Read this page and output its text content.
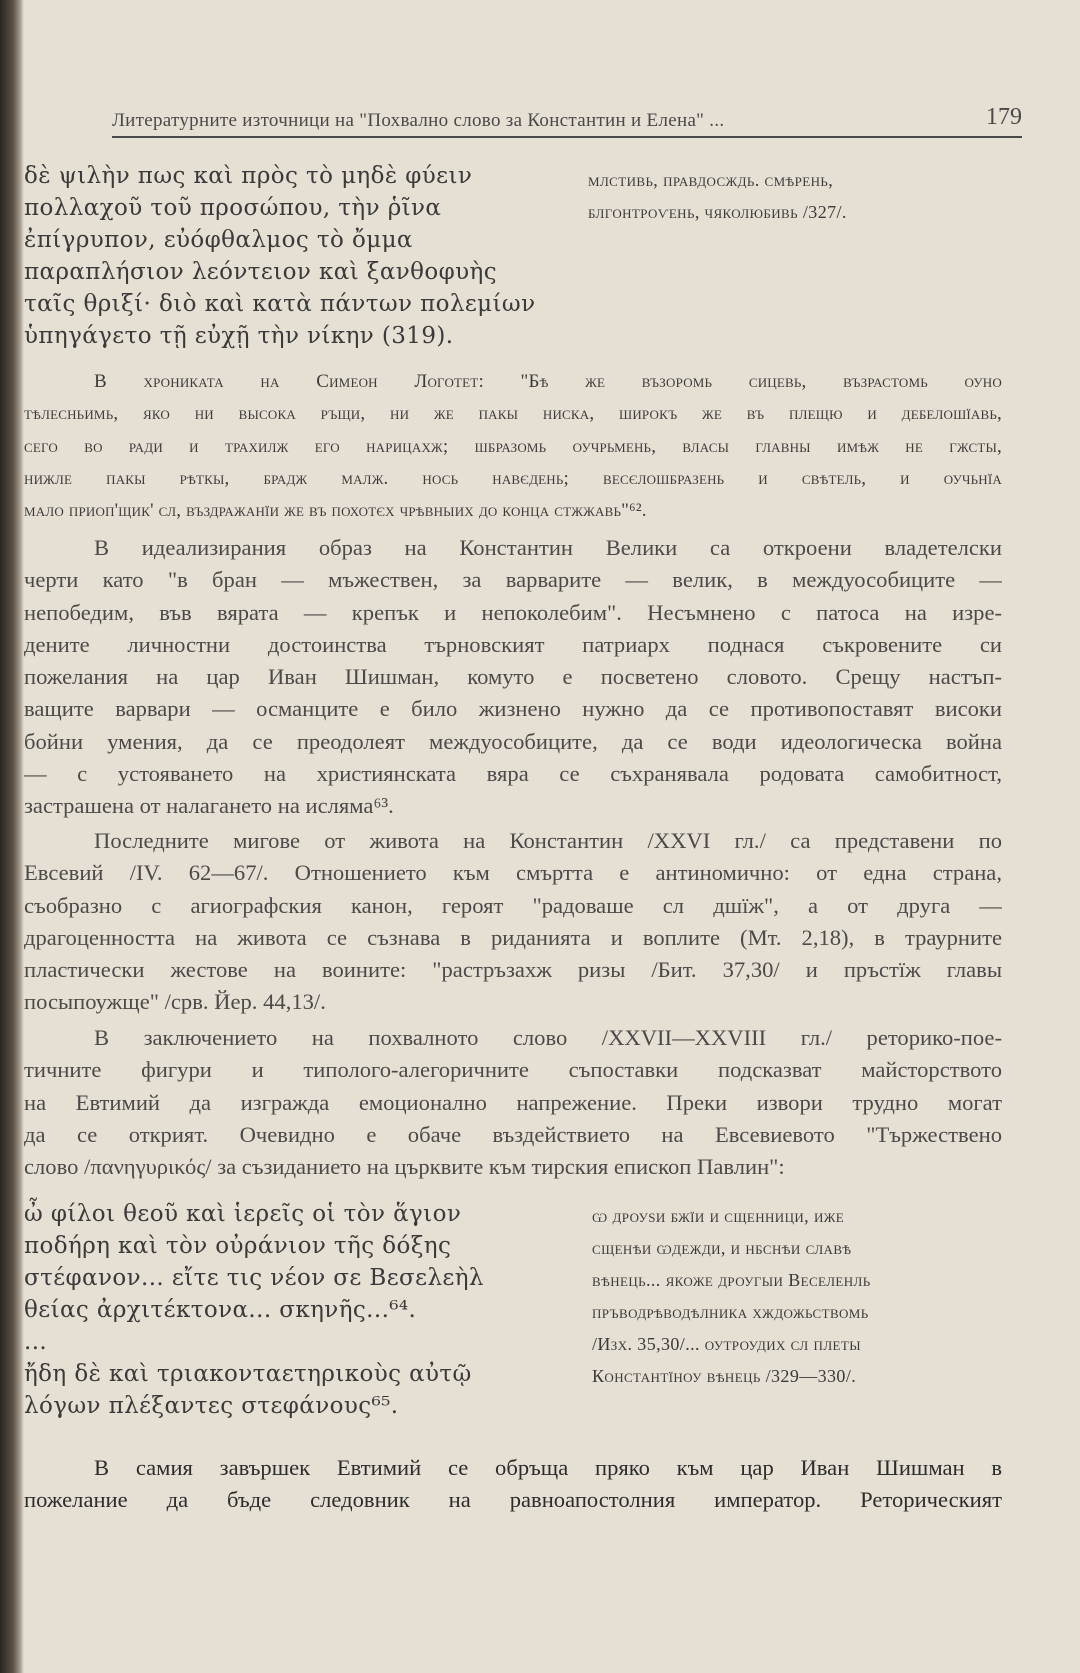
Литературните източници на "Похвално слово за Константин и Елена" ...	179
δὲ ψιλὴν πως καὶ πρὸς τὸ μηδὲ φύειν
πολλαχοῦ τοῦ προσώπου, τὴν ῥῖνα
ἐπίγρυπον, εὐόφθαλμος τὸ ὄμμα
παραπλήσιον λεόντειον καὶ ξανθοφυὴς
ταῖς θριξί· διὸ καὶ κατὰ πάντων πολεμίων
ὑπηγάγετο τῇ εὐχῇ τὴν νίκην (319).
млстивь, правдосждь. смѣрень,
блгонтроѵень, чяколюбивь /327/.
В хрониката на Симеон Логотет: "Бѣ же възоромь сицевь, възрастомь оуно
тѣлесньимь, яко ни высока ръщи, ни же пакы ниска, широкъ же въ плещю и дебелошїавь,
сего во ради и трахилж его нарицахж; шбразомь оучрьмень, власы главны имѣж не гжсты,
нижле пакы рѣткы, брадж малж. нось навєдень; весєлошбразень и свѣтель, и оучьнїа
мало приоп'щик' сл, въздражанїи же въ похотєх чрѣвныих до конца стжжавь"⁶².
В идеализирания образ на Константин Велики са откроени владетелски
черти като "в бран — мъжествен, за варварите — велик, в междуособиците —
непобедим, във вярата — крепък и непоколебим". Несъмнено с патоса на изре-
дените личностни достоинства търновският патриарх поднася съкровените си
пожелания на цар Иван Шишман, комуто е посветено словото. Срещу настъп-
ващите варвари — османците е било жизнено нужно да се противопоставят високи
бойни умения, да се преодолеят междуособиците, да се води идеологическа война
— с устояването на християнската вяра се съхранявала родовата самобитност,
застрашена от налагането на исляма⁶³.
Последните мигове от живота на Константин /XXVI гл./ са представени по
Евсевий /IV. 62—67/. Отношението към смъртта е антиномично: от една страна,
съобразно с агиографския канон, героят "радоваше сл дшїж", а от друга —
драгоценността на живота се съзнава в риданията и воплите (Мт. 2,18), в траурните
пластически жестове на воините: "растръзахж ризы /Бит. 37,30/ и пръстїж главы
посыпоужще" /срв. Йер. 44,13/.
В заключението на похвалното слово /XXVII—XXVIII гл./ реторико-пое-
тичните фигури и типолого-алегоричните съпоставки подсказват майсторството
на Евтимий да изгражда емоционално напрежение. Преки извори трудно могат
да се открият. Очевидно е обаче въздействието на Евсевиевото "Тържествено
слово /πανηγυρικός/ за съзиданието на църквите към тирския епископ Павлин":
ὦ φίλοι θεοῦ καὶ ἱερεῖς οἱ τὸν ἅγιον
ποδήρη καὶ τὸν οὐράνιον τῆς δόξης
στέφανον... εἴτε τις νέον σε Βεσελεὴλ
θείας ἀρχιτέκτονα... σκηνῆς...⁶⁴.
...
ἤδη δὲ καὶ τριακονταετηρικοὺς αὐτῷ
λόγων πλέξαντες στεφάνους⁶⁵.
ѡ дроуѕи бжїи и сщенници, иже
сщенѣи ѡдежди, и нбснѣи славѣ
вѣнець... якоже дроугыи Веселенль
пръводрѣводѣлника хждожьствомь
/Изх. 35,30/... оутроудих сл плеты
Константїноу вѣнець /329—330/.
В самия завършек Евтимий се обръща пряко към цар Иван Шишман в
пожелание да бъде следовник на равноапостолния император. Реторическият
